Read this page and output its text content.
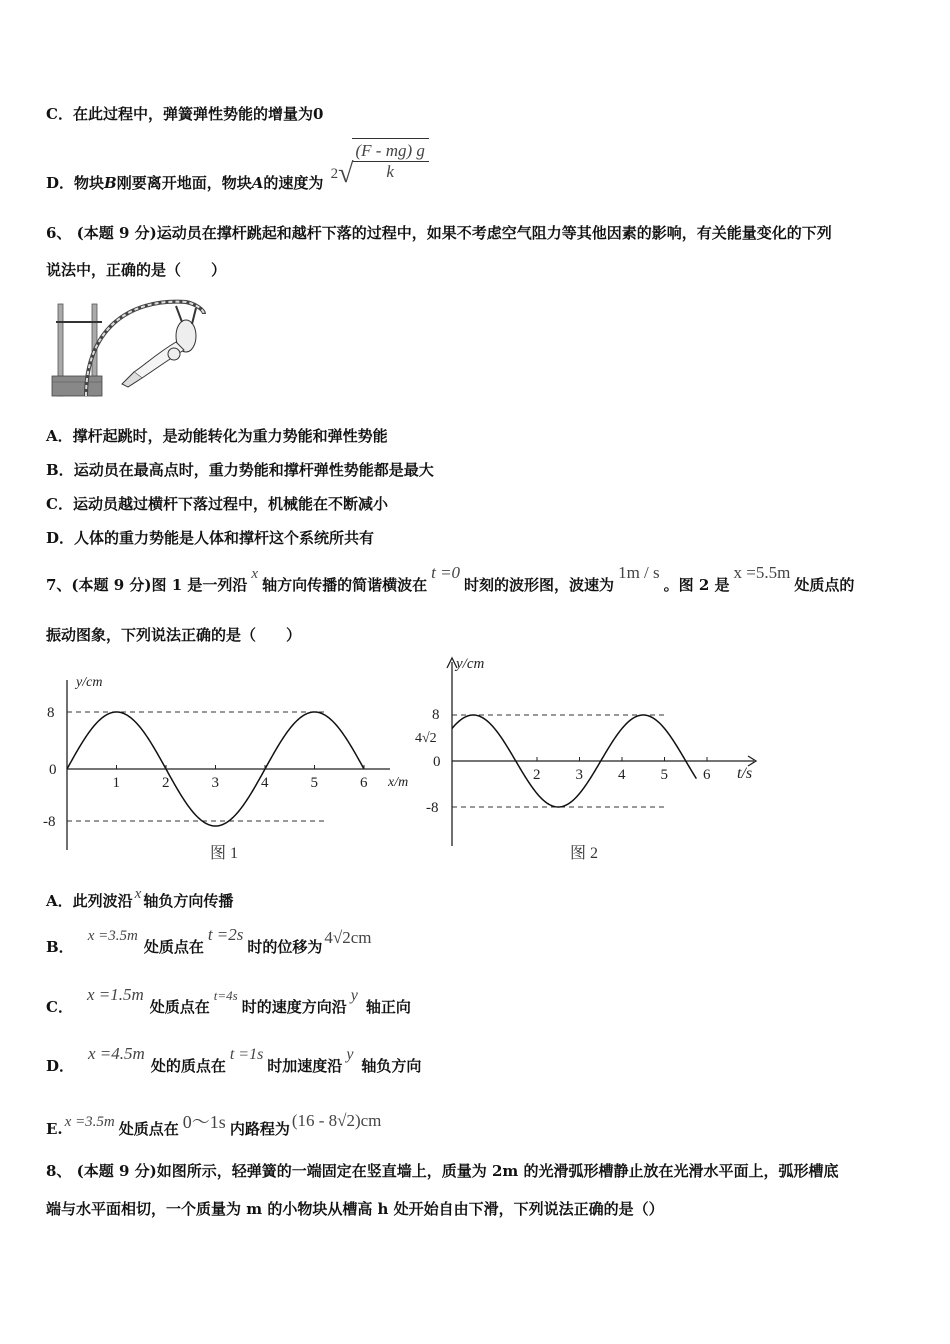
C．在此过程中，弹簧弹性势能的增量为0
D．物块B刚要离开地面，物块A的速度为 2√
$\frac{(F - mg) g}{k}$
6、 (本题 9 分)运动员在撑杆跳起和越杆下落的过程中，如果不考虑空气阻力等其他因素的影响，有关能量变化的下列
说法中，正确的是（　　）
A．撑杆起跳时，是动能转化为重力势能和弹性势能
B．运动员在最高点时，重力势能和撑杆弹性势能都是最大
C．运动员越过横杆下落过程中，机械能在不断减小
D．人体的重力势能是人体和撑杆这个系统所共有
7、(本题 9 分)图 1 是一列沿x轴方向传播的简谐横波在t =0时刻的波形图，波速为1m / s。图 2 是x =5.5m处质点的
振动图象，下列说法正确的是（　　）
y/cm
x/m
8
0
-8
图 1
1	2	3	4	5	6
y/cm
t/s
8
4√2
0
-8
图 2
2 3 4 5 6
A．此列波沿 x 轴负方向传播
B．x =3.5m处质点在t =2s时的位移为 4√2cm
C．x =1.5m处质点在t=4s时的速度方向沿y轴正向
D．x =4.5m处的质点在t =1s时加速度沿y轴负方向
E. x =3.5m 处质点在 0～1s 内路程为 (16 - 8√2)cm
8、 (本题 9 分)如图所示，轻弹簧的一端固定在竖直墙上，质量为 2m 的光滑弧形槽静止放在光滑水平面上，弧形槽底
端与水平面相切，一个质量为 m 的小物块从槽高 h 处开始自由下滑，下列说法正确的是（）
